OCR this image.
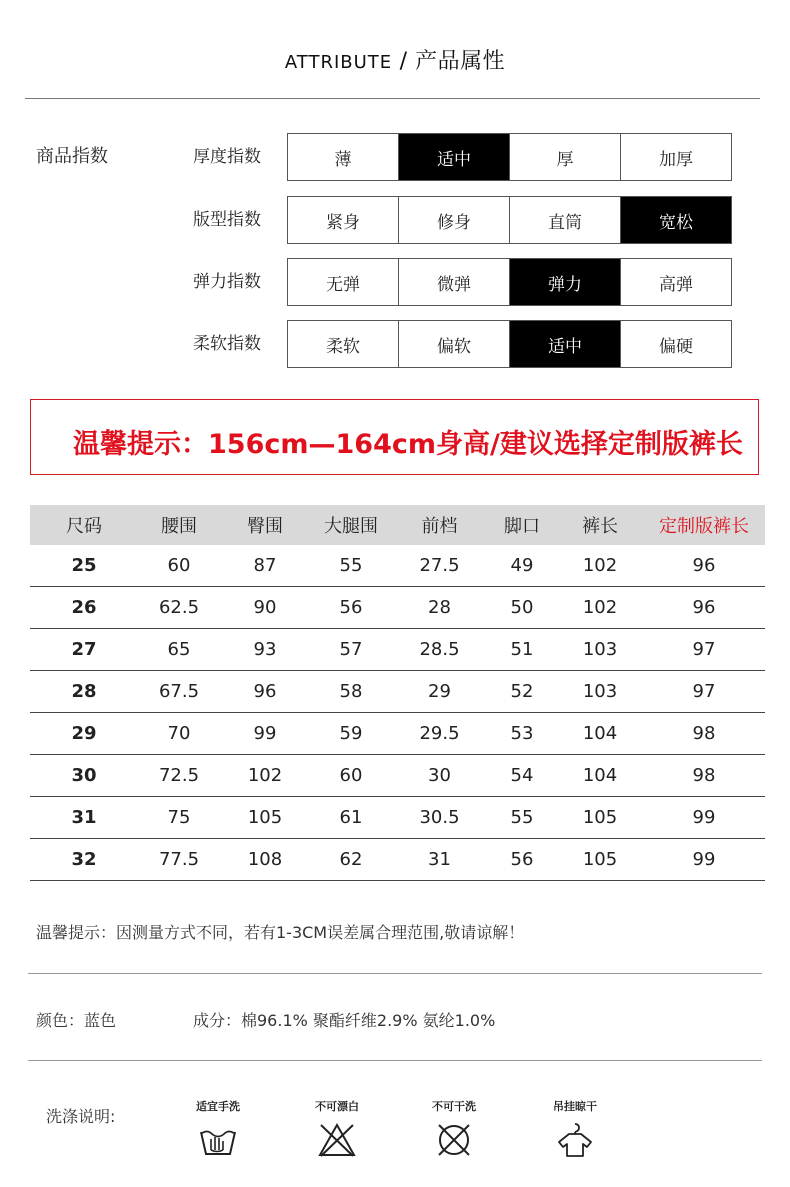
ATTRIBUTE / 产品属性
商品指数	厚度指数	薄	适中	厚	加厚
版型指数	紧身	修身	直筒	宽松
弹力指数	无弹	微弹	弹力	高弹
柔软指数	柔软	偏软	适中	偏硬
温馨提示：156cm—164cm身高/建议选择定制版裤长
尺码	腰围	臀围	大腿围	前档	脚口	裤长	定制版裤长
25	60	87	55	27.5	49	102	96
26	62.5	90	56	28	50	102	96
27	65	93	57	28.5	51	103	97
28	67.5	96	58	29	52	103	97
29	70	99	59	29.5	53	104	98
30	72.5	102	60	30	54	104	98
31	75	105	61	30.5	55	105	99
32	77.5	108	62	31	56	105	99
温馨提示：因测量方式不同，若有1-3CM误差属合理范围,敬请谅解！
颜色：蓝色	成分：棉96.1% 聚酯纤维2.9% 氨纶1.0%
洗涤说明:
适宜手洗	不可漂白	不可干洗	吊挂晾干
